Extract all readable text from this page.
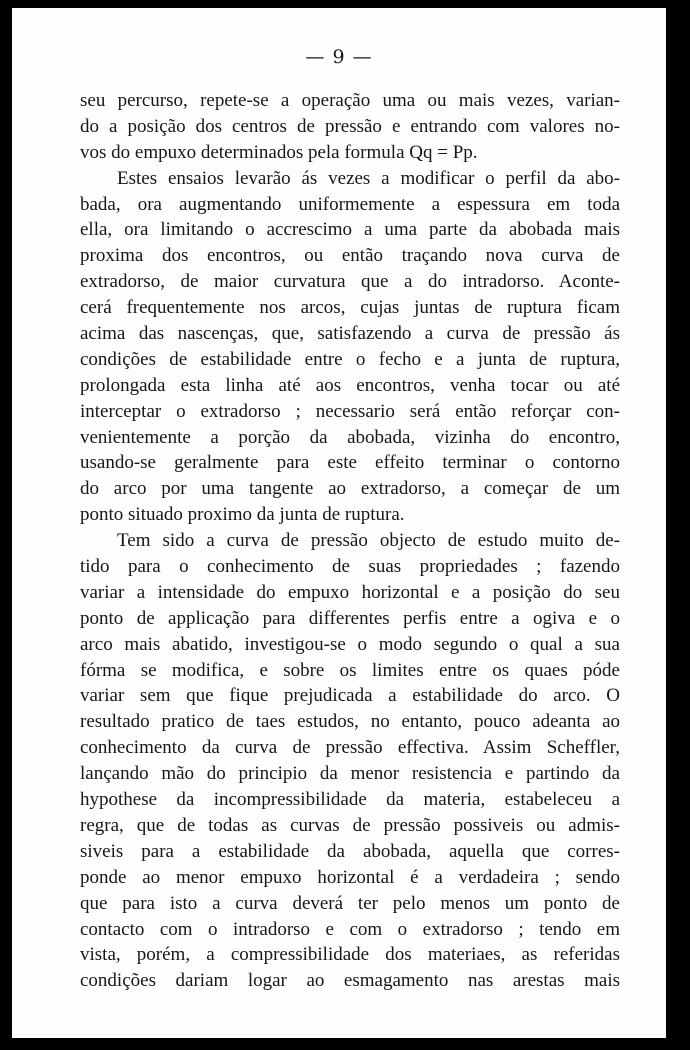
— 9 —
seu percurso, repete-se a operação uma ou mais vezes, varian-
do a posição dos centros de pressão e entrando com valores no-
vos do empuxo determinados pela formula Qq = Pp.
Estes ensaios levarão ás vezes a modificar o perfil da abo-
bada, ora augmentando uniformemente a espessura em toda
ella, ora limitando o accrescimo a uma parte da abobada mais
proxima dos encontros, ou então traçando nova curva de
extradorso, de maior curvatura que a do intradorso. Aconte-
cerá frequentemente nos arcos, cujas juntas de ruptura ficam
acima das nascenças, que, satisfazendo a curva de pressão ás
condições de estabilidade entre o fecho e a junta de ruptura,
prolongada esta linha até aos encontros, venha tocar ou até
interceptar o extradorso ; necessario será então reforçar con-
venientemente a porção da abobada, vizinha do encontro,
usando-se geralmente para este effeito terminar o contorno
do arco por uma tangente ao extradorso, a começar de um
ponto situado proximo da junta de ruptura.
Tem sido a curva de pressão objecto de estudo muito de-
tido para o conhecimento de suas propriedades ; fazendo
variar a intensidade do empuxo horizontal e a posição do seu
ponto de applicação para differentes perfis entre a ogiva e o
arco mais abatido, investigou-se o modo segundo o qual a sua
fórma se modifica, e sobre os limites entre os quaes póde
variar sem que fique prejudicada a estabilidade do arco. O
resultado pratico de taes estudos, no entanto, pouco adeanta ao
conhecimento da curva de pressão effectiva. Assim Scheffler,
lançando mão do principio da menor resistencia e partindo da
hypothese da incompressibilidade da materia, estabeleceu a
regra, que de todas as curvas de pressão possiveis ou admis-
siveis para a estabilidade da abobada, aquella que corres-
ponde ao menor empuxo horizontal é a verdadeira ; sendo
que para isto a curva deverá ter pelo menos um ponto de
contacto com o intradorso e com o extradorso ; tendo em
vista, porém, a compressibilidade dos materiaes, as referidas
condições dariam logar ao esmagamento nas arestas mais
